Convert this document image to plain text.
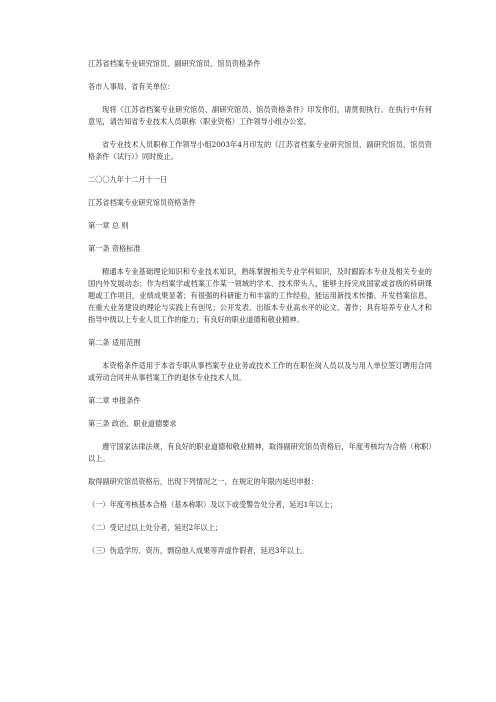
江苏省档案专业研究馆员、副研究馆员、馆员资格条件

各市人事局、省有关单位：

现将《江苏省档案专业研究馆员、副研究馆员、馆员资格条件》印发你们，请贯彻执行。在执行中有何意见，请告知省专业技术人员职称（职业资格）工作领导小组办公室。

省专业技术人员职称工作领导小组2003年4月印发的《江苏省档案专业研究馆员、副研究馆员、馆员资格条件（试行）》同时废止。

二〇〇九年十二月十一日

江苏省档案专业研究馆员资格条件

第一章 总 则

第一条 资格标准

精通本专业基础理论知识和专业技术知识，熟练掌握相关专业学科知识，及时跟踪本专业及相关专业的国内外发展动态；作为档案学或档案工作某一领域的学术、技术带头人，能够主持完成国家或省级的科研课题或工作项目，业绩成果显著；有很强的科研能力和丰富的工作经验，能运用新技术传播、开发档案信息，在重大业务建设的理论与实践上有创见；公开发表、出版本专业高水平的论文、著作；具有培养专业人才和指导中级以上专业人员工作的能力；有良好的职业道德和敬业精神。

第二条 适用范围

本资格条件适用于本省专职从事档案专业业务或技术工作的在职在岗人员以及与用人单位签订聘用合同或劳动合同并从事档案工作的退休专业技术人员。

第二章 申报条件

第三条 政治、职业道德要求

遵守国家法律法规，有良好的职业道德和敬业精神，取得副研究馆员资格后，年度考核均为合格（称职）以上。

取得副研究馆员资格后，出现下列情况之一，在规定的年限内延迟申报：

（一）年度考核基本合格（基本称职）及以下或受警告处分者，延迟1年以上；

（二）受记过以上处分者，延迟2年以上；

（三）伪造学历、资历，剽窃他人成果等弄虚作假者，延迟3年以上。
